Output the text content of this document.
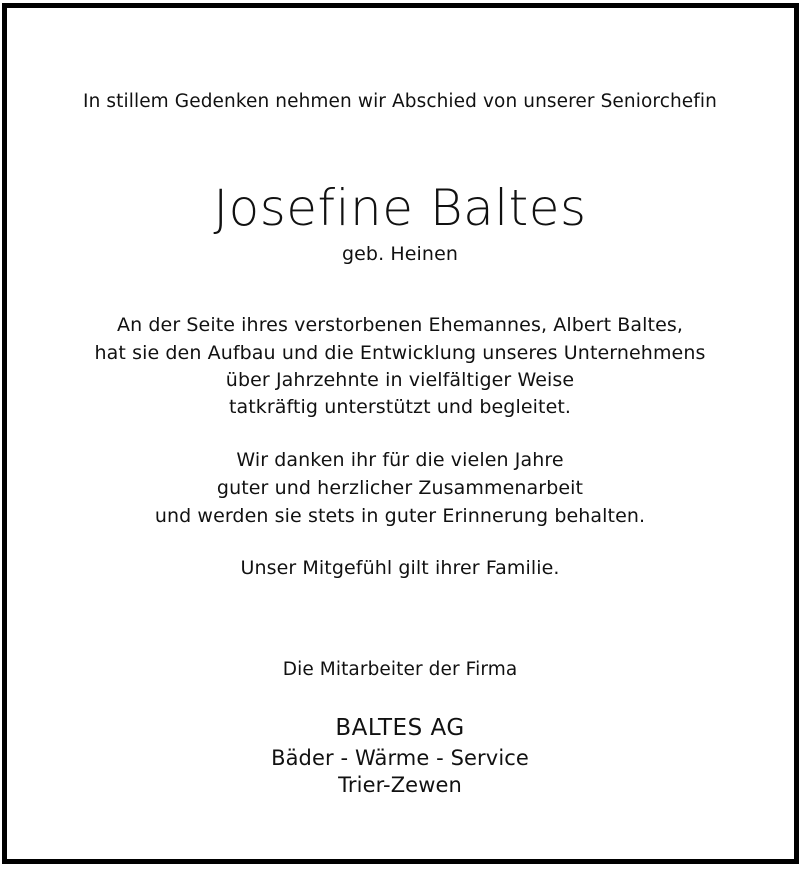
In stillem Gedenken nehmen wir Abschied von unserer Seniorchefin
Josefine Baltes
geb. Heinen
An der Seite ihres verstorbenen Ehemannes, Albert Baltes,
hat sie den Aufbau und die Entwicklung unseres Unternehmens
über Jahrzehnte in vielfältiger Weise
tatkräftig unterstützt und begleitet.
Wir danken ihr für die vielen Jahre
guter und herzlicher Zusammenarbeit
und werden sie stets in guter Erinnerung behalten.
Unser Mitgefühl gilt ihrer Familie.
Die Mitarbeiter der Firma
BALTES AG
Bäder - Wärme - Service
Trier-Zewen
